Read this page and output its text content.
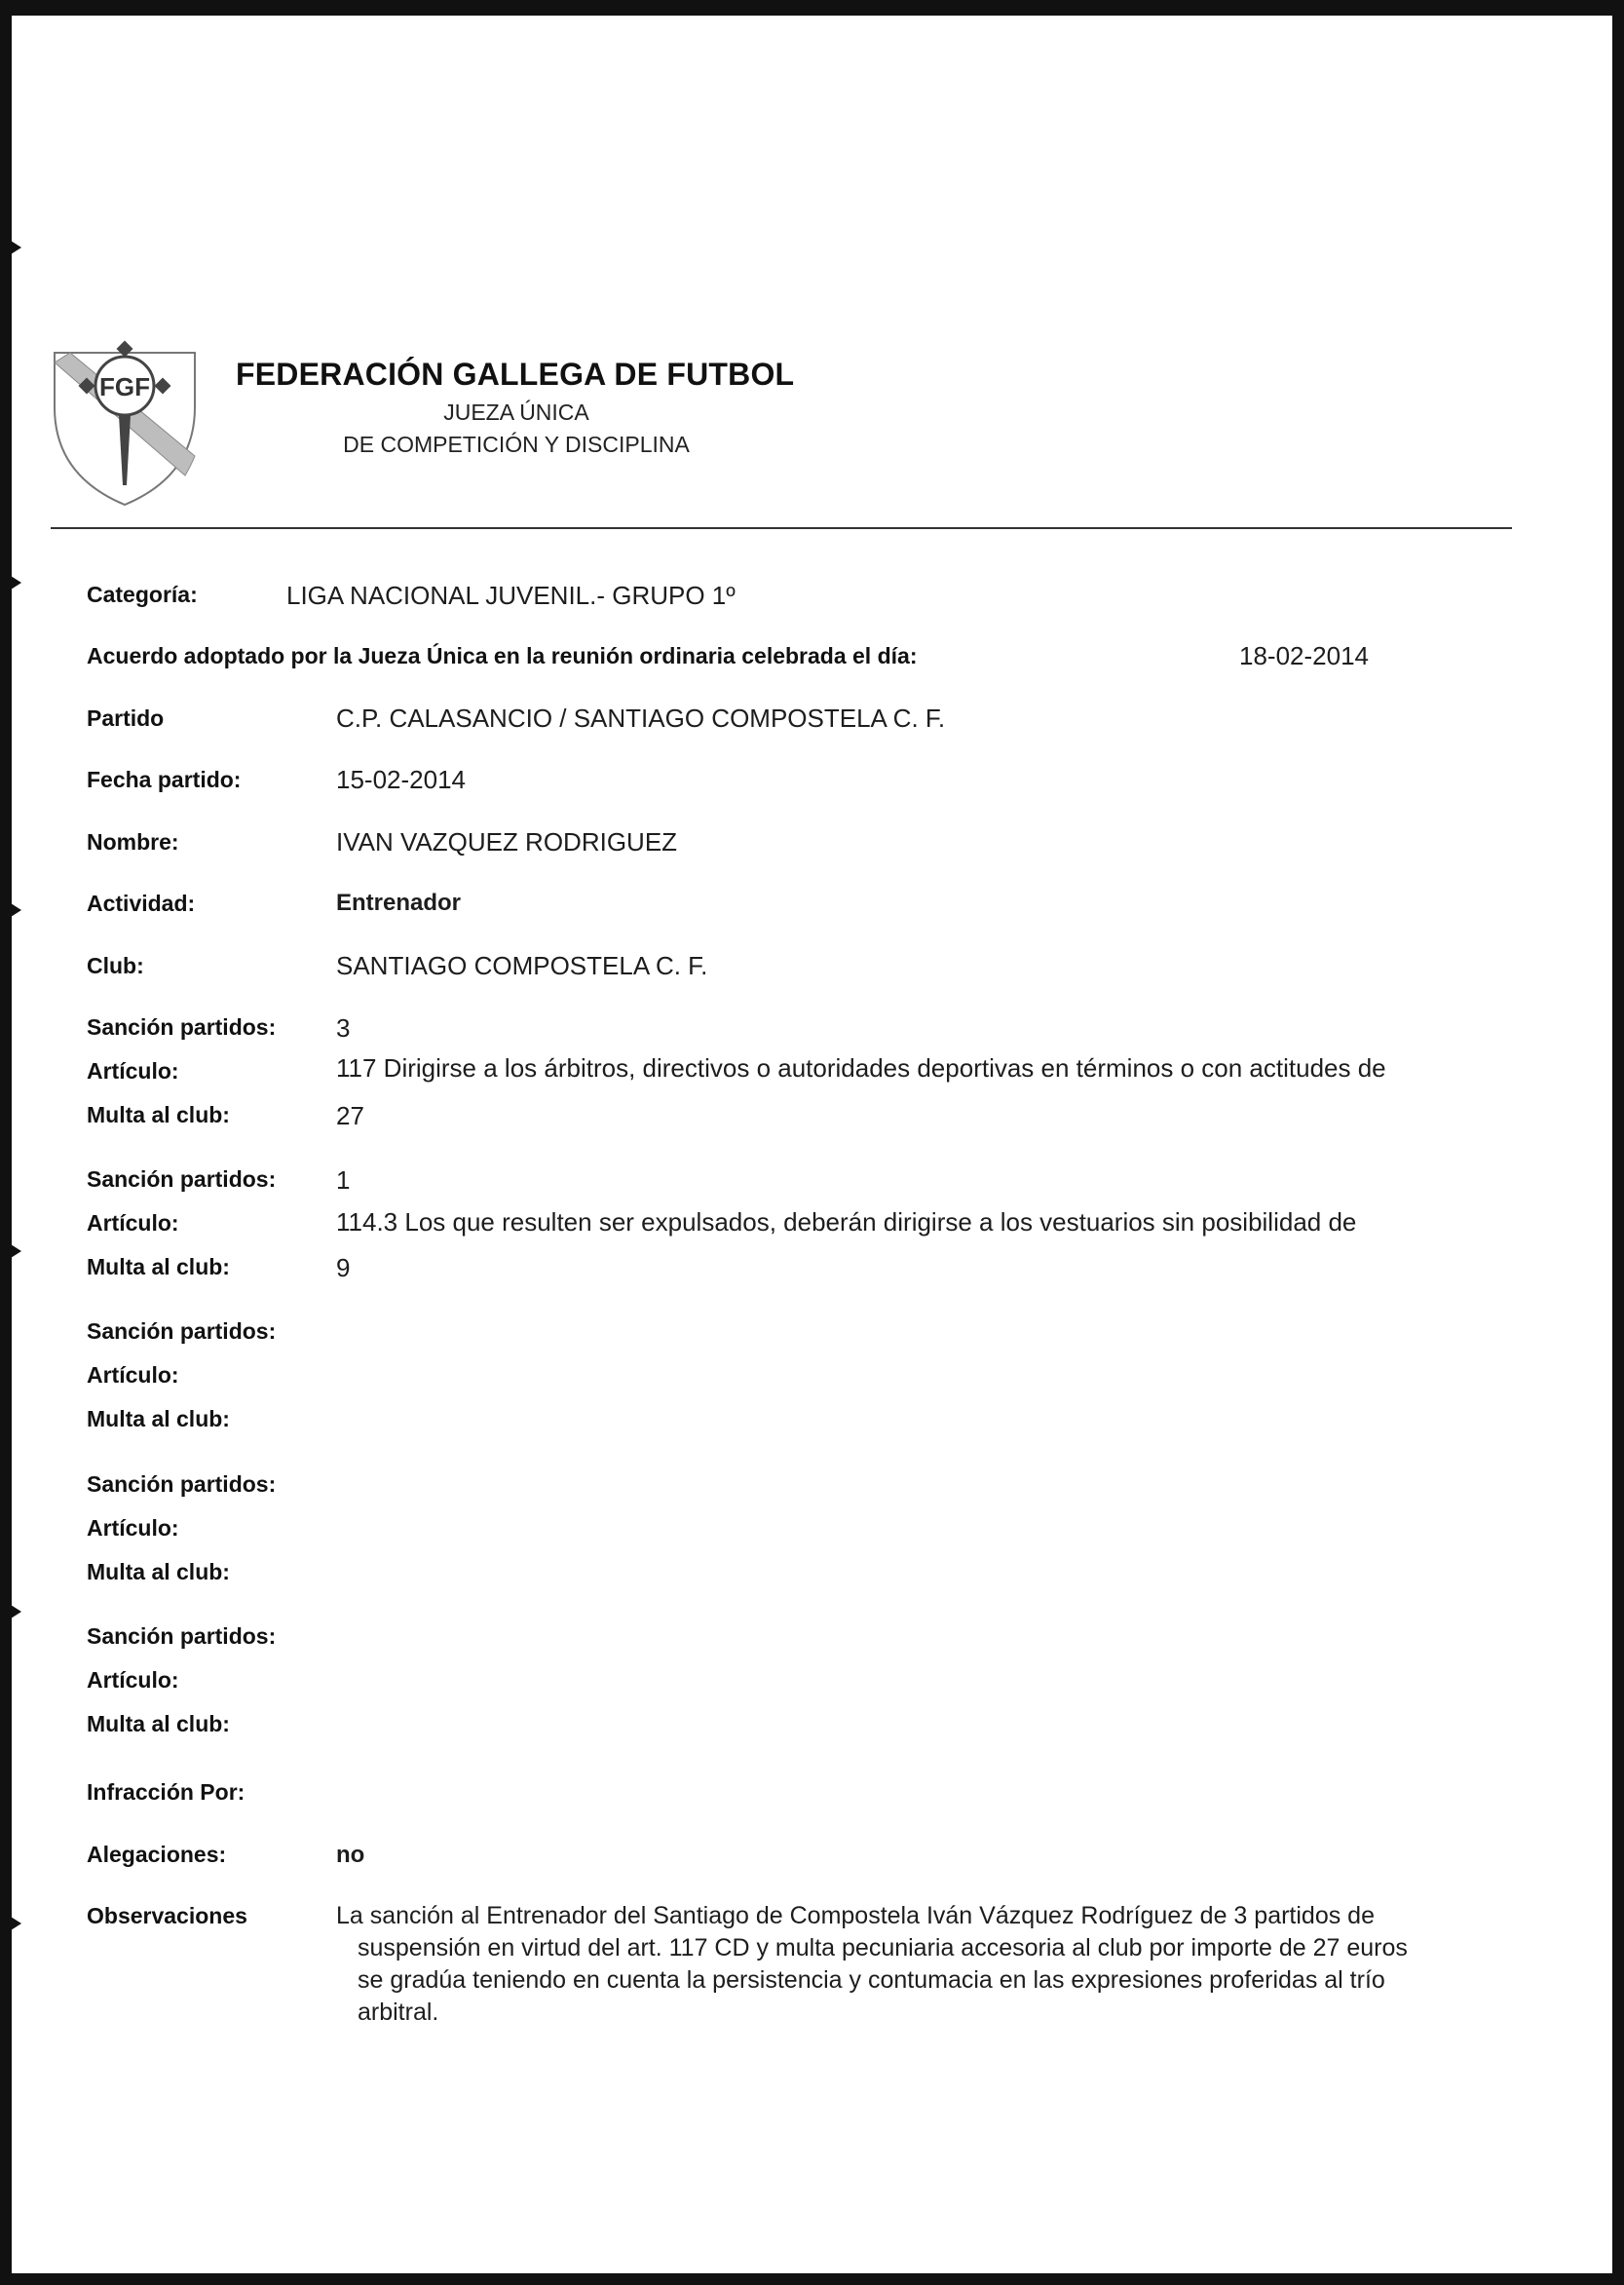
FGF	FEDERACIÓN GALLEGA DE FUTBOL
JUEZA ÚNICA
DE COMPETICIÓN Y DISCIPLINA
Categoría:	LIGA NACIONAL JUVENIL.- GRUPO 1º
Acuerdo adoptado por la Jueza Única en la reunión ordinaria celebrada el día:	18-02-2014
Partido	C.P. CALASANCIO / SANTIAGO COMPOSTELA C. F.
Fecha partido:	15-02-2014
Nombre:	IVAN VAZQUEZ RODRIGUEZ
Actividad:	Entrenador
Club:	SANTIAGO COMPOSTELA C. F.
Sanción partidos: 3
Artículo:	117 Dirigirse a los árbitros, directivos o autoridades deportivas en términos o con actitudes de
Multa al club:	27
Sanción partidos: 1
Artículo:	114.3 Los que resulten ser expulsados, deberán dirigirse a los vestuarios sin posibilidad de
Multa al club:	9
Sanción partidos:
Artículo:
Multa al club:
Sanción partidos:
Artículo:
Multa al club:
Sanción partidos:
Artículo:
Multa al club:
Infracción Por:
Alegaciones:	no
Observaciones	La sanción al Entrenador del Santiago de Compostela Iván Vázquez Rodríguez de 3 partidos de
suspensión en virtud del art. 117 CD y multa pecuniaria accesoria al club por importe de 27 euros
se gradúa teniendo en cuenta la persistencia y contumacia en las expresiones proferidas al trío
arbitral.
